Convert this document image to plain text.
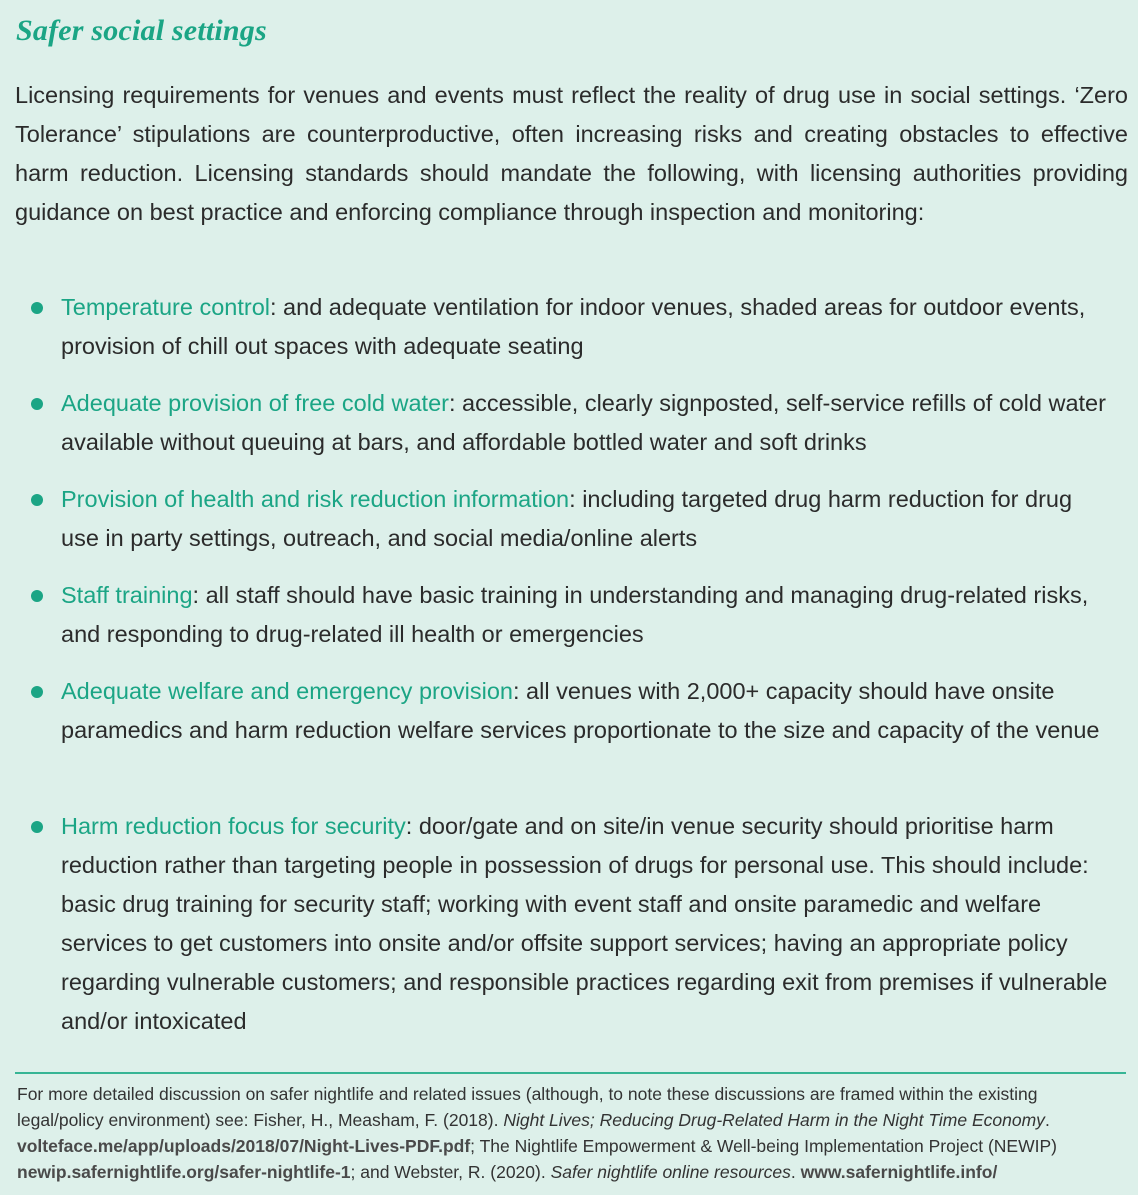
Safer social settings

Licensing requirements for venues and events must reflect the reality of drug use in social settings. ‘Zero Tolerance’ stipulations are counterproductive, often increasing risks and creating obstacles to effective harm reduction. Licensing standards should mandate the following, with licensing authorities providing guidance on best practice and enforcing compliance through inspection and monitoring:

Temperature control: and adequate ventilation for indoor venues, shaded areas for outdoor events, provision of chill out spaces with adequate seating
Adequate provision of free cold water: accessible, clearly signposted, self-service refills of cold water available without queuing at bars, and affordable bottled water and soft drinks
Provision of health and risk reduction information: including targeted drug harm reduction for drug use in party settings, outreach, and social media/online alerts
Staff training: all staff should have basic training in understanding and managing drug-related risks, and responding to drug-related ill health or emergencies
Adequate welfare and emergency provision: all venues with 2,000+ capacity should have onsite paramedics and harm reduction welfare services proportionate to the size and capacity of the venue
Harm reduction focus for security: door/gate and on site/in venue security should prioritise harm reduction rather than targeting people in possession of drugs for personal use. This should include: basic drug training for security staff; working with event staff and onsite paramedic and welfare services to get customers into onsite and/or offsite support services; having an appropriate policy regarding vulnerable customers; and responsible practices regarding exit from premises if vulnerable and/or intoxicated

For more detailed discussion on safer nightlife and related issues (although, to note these discussions are framed within the existing legal/policy environment) see: Fisher, H., Measham, F. (2018). Night Lives; Reducing Drug-Related Harm in the Night Time Economy. volteface.me/app/uploads/2018/07/Night-Lives-PDF.pdf; The Nightlife Empowerment & Well-being Implementation Project (NEWIP) newip.safernightlife.org/safer-nightlife-1; and Webster, R. (2020). Safer nightlife online resources. www.safernightlife.info/
